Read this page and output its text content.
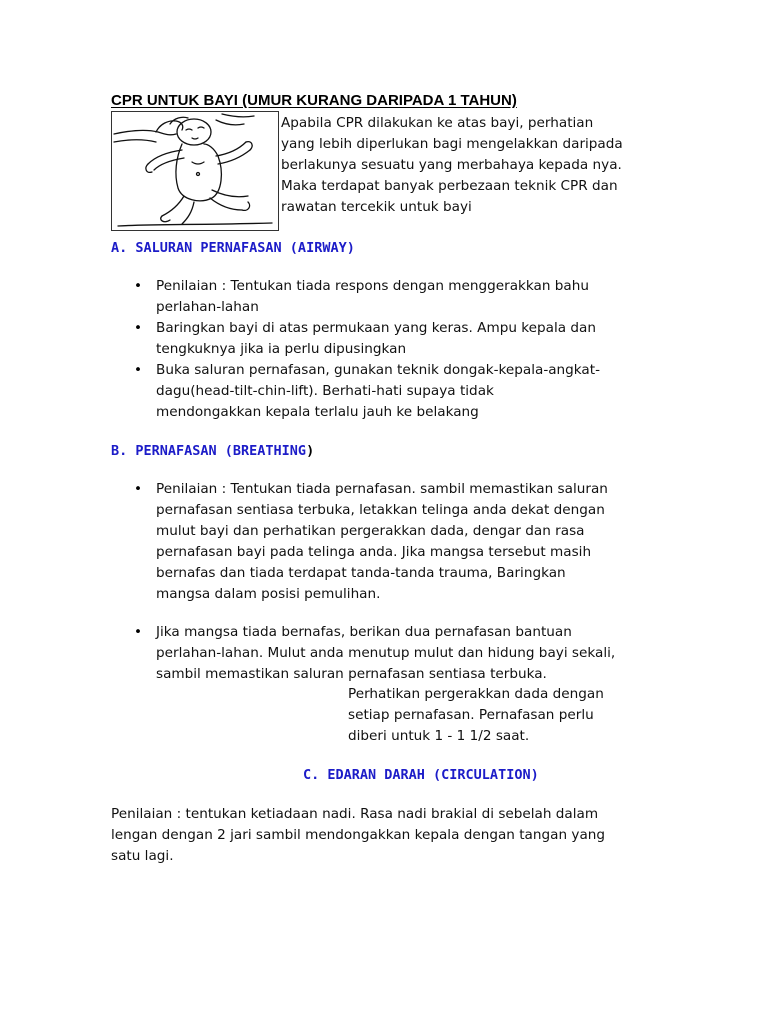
CPR UNTUK BAYI (UMUR KURANG DARIPADA 1 TAHUN)

Apabila CPR dilakukan ke atas bayi, perhatian
yang lebih diperlukan bagi mengelakkan daripada
berlakunya sesuatu yang merbahaya kepada nya.
Maka terdapat banyak perbezaan teknik CPR dan
rawatan tercekik untuk bayi

A. SALURAN PERNAFASAN (AIRWAY)
• Penilaian : Tentukan tiada respons dengan menggerakkan bahu
perlahan-lahan
• Baringkan bayi di atas permukaan yang keras. Ampu kepala dan
tengkuknya jika ia perlu dipusingkan
• Buka saluran pernafasan, gunakan teknik dongak-kepala-angkat-
dagu(head-tilt-chin-lift). Berhati-hati supaya tidak
mendongakkan kepala terlalu jauh ke belakang
B. PERNAFASAN (BREATHING)
• Penilaian : Tentukan tiada pernafasan. sambil memastikan saluran
pernafasan sentiasa terbuka, letakkan telinga anda dekat dengan
mulut bayi dan perhatikan pergerakkan dada, dengar dan rasa
pernafasan bayi pada telinga anda. Jika mangsa tersebut masih
bernafas dan tiada terdapat tanda-tanda trauma, Baringkan
mangsa dalam posisi pemulihan.
• Jika mangsa tiada bernafas, berikan dua pernafasan bantuan
perlahan-lahan. Mulut anda menutup mulut dan hidung bayi sekali,
sambil memastikan saluran pernafasan sentiasa terbuka.

Perhatikan pergerakkan dada dengan
setiap pernafasan. Pernafasan perlu
diberi untuk 1 - 1 1/2 saat.

C. EDARAN DARAH (CIRCULATION)

Penilaian : tentukan ketiadaan nadi. Rasa nadi brakial di sebelah dalam
lengan dengan 2 jari sambil mendongakkan kepala dengan tangan yang
satu lagi.
